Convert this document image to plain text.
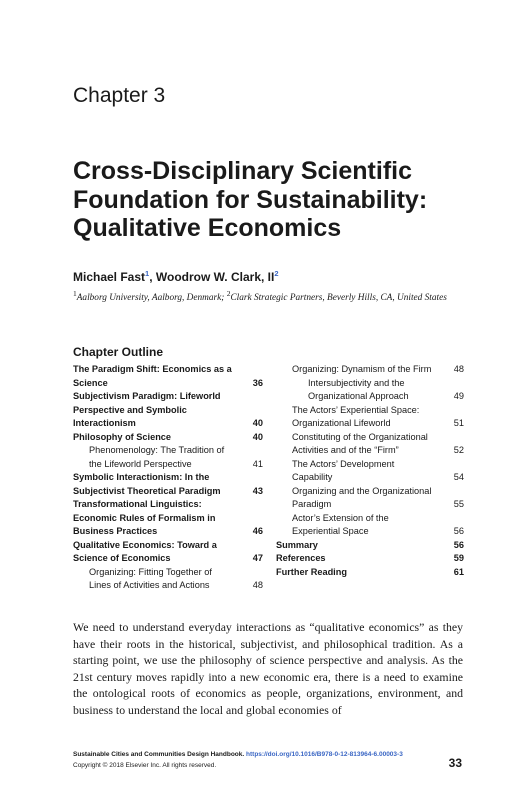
Chapter 3
Cross-Disciplinary Scientific
Foundation for Sustainability:
Qualitative Economics
Michael Fast$^1$, Woodrow W. Clark, $II^2$
$^1$Aalborg University, Aalborg, Denmark; $^2$Clark Strategic Partners, Beverly Hills, CA, United States
Chapter Outline
The Paradigm Shift: Economics as a
Science	36
Subjectivism Paradigm: Lifeworld
Perspective and Symbolic
Interactionism	40
Philosophy of Science	40
Phenomenology: The Tradition of
the Lifeworld Perspective	41
Symbolic Interactionism: In the
Subjectivist Theoretical Paradigm	43
Transformational Linguistics:
Economic Rules of Formalism in
Business Practices	46
Qualitative Economics: Toward a
Science of Economics	47
Organizing: Fitting Together of
Lines of Activities and Actions	48
Organizing: Dynamism of the Firm	48
Intersubjectivity and the
Organizational Approach	49
The Actors’ Experiential Space:
Organizational Lifeworld	51
Constituting of the Organizational
Activities and of the “Firm”	52
The Actors’ Development
Capability	54
Organizing and the Organizational
Paradigm	55
Actor’s Extension of the
Experiential Space	56
Summary	56
References	59
Further Reading	61
We need to understand everyday interactions as “qualitative economics” as they have their roots in the historical, subjectivist, and philosophical tradition. As a starting point, we use the philosophy of science perspective and analysis. As the 21st century moves rapidly into a new economic era, there is a need to examine the ontological roots of economics as people, organizations, environment, and business to understand the local and global economies of
Sustainable Cities and Communities Design Handbook. https://doi.org/10.1016/B978-0-12-813964-6.00003-3
Copyright © 2018 Elsevier Inc. All rights reserved.	33
